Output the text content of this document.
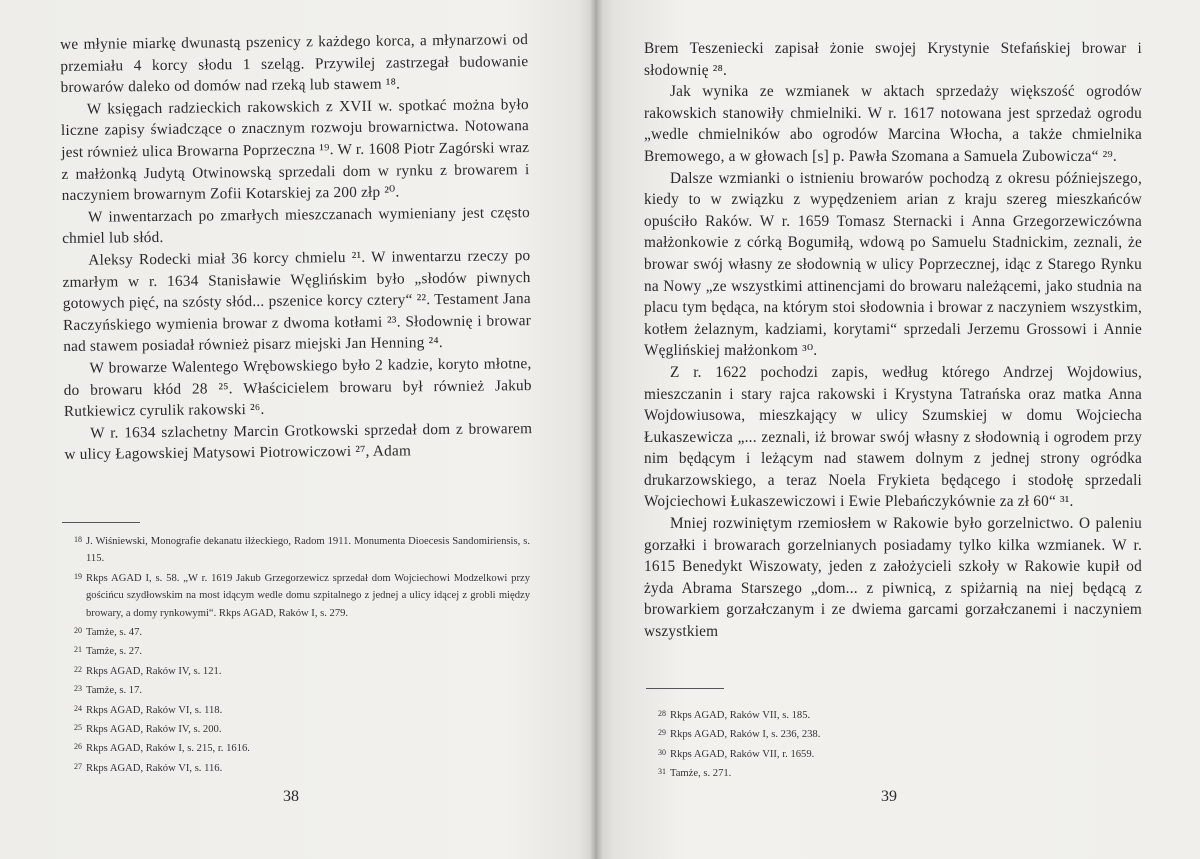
we młynie miarkę dwunastą pszenicy z każdego korca, a młynarzowi od przemiału 4 korcy słodu 1 szeląg. Przywilej zastrzegał budowanie browarów daleko od domów nad rzeką lub stawem ¹⁸.

W księgach radzieckich rakowskich z XVII w. spotkać można było liczne zapisy świadczące o znacznym rozwoju browarnictwa. Notowana jest również ulica Browarna Poprzeczna ¹⁹. W r. 1608 Piotr Zagórski wraz z małżonką Judytą Otwinowską sprzedali dom w rynku z browarem i naczyniem browarnym Zofii Kotarskiej za 200 złp ²⁰.

W inwentarzach po zmarłych mieszczanach wymieniany jest często chmiel lub słód.

Aleksy Rodecki miał 36 korcy chmielu ²¹. W inwentarzu rzeczy po zmarłym w r. 1634 Stanisławie Węglińskim było „słodów piwnych gotowych pięć, na szósty słód... pszenice korcy cztery“ ²². Testament Jana Raczyńskiego wymienia browar z dwoma kotłami ²³. Słodownię i browar nad stawem posiadał również pisarz miejski Jan Henning ²⁴.

W browarze Walentego Wrębowskiego było 2 kadzie, koryto młotne, do browaru kłód 28 ²⁵. Właścicielem browaru był również Jakub Rutkiewicz cyrulik rakowski ²⁶.

W r. 1634 szlachetny Marcin Grotkowski sprzedał dom z browarem w ulicy Łagowskiej Matysowi Piotrowiczowi ²⁷, Adam

18 J. Wiśniewski, Monografie dekanatu iłżeckiego, Radom 1911. Monumenta Dioecesis Sandomiriensis, s. 115.

19 Rkps AGAD I, s. 58. „W r. 1619 Jakub Grzegorzewicz sprzedał dom Wojciechowi Modzelkowi przy gościńcu szydłowskim na most idącym wedle domu szpitalnego z jednej a ulicy idącej z grobli między browary, a domy rynkowymi“. Rkps AGAD, Raków I, s. 279.

20 Tamże, s. 47.

21 Tamże, s. 27.

22 Rkps AGAD, Raków IV, s. 121.

23 Tamże, s. 17.

24 Rkps AGAD, Raków VI, s. 118.

25 Rkps AGAD, Raków IV, s. 200.

26 Rkps AGAD, Raków I, s. 215, r. 1616.

27 Rkps AGAD, Raków VI, s. 116.

38

Brem Teszeniecki zapisał żonie swojej Krystynie Stefańskiej browar i słodownię ²⁸.

Jak wynika ze wzmianek w aktach sprzedaży większość ogrodów rakowskich stanowiły chmielniki. W r. 1617 notowana jest sprzedaż ogrodu „wedle chmielników abo ogrodów Marcina Włocha, a także chmielnika Bremowego, a w głowach [s] p. Pawła Szomana a Samuela Zubowicza“ ²⁹.

Dalsze wzmianki o istnieniu browarów pochodzą z okresu późniejszego, kiedy to w związku z wypędzeniem arian z kraju szereg mieszkańców opuściło Raków. W r. 1659 Tomasz Sternacki i Anna Grzegorzewiczówna małżonkowie z córką Bogumiłą, wdową po Samuelu Stadnickim, zeznali, że browar swój własny ze słodownią w ulicy Poprzecznej, idąc z Starego Rynku na Nowy „ze wszystkimi attinencjami do browaru należącemi, jako studnia na placu tym będąca, na którym stoi słodownia i browar z naczyniem wszystkim, kotłem żelaznym, kadziami, korytami“ sprzedali Jerzemu Grossowi i Annie Węglińskiej małżonkom ³⁰.

Z r. 1622 pochodzi zapis, według którego Andrzej Wojdowius, mieszczanin i stary rajca rakowski i Krystyna Tatrańska oraz matka Anna Wojdowiusowa, mieszkający w ulicy Szumskiej w domu Wojciecha Łukaszewicza „... zeznali, iż browar swój własny z słodownią i ogrodem przy nim będącym i leżącym nad stawem dolnym z jednej strony ogródka drukarzowskiego, a teraz Noela Frykieta będącego i stodołę sprzedali Wojciechowi Łukaszewiczowi i Ewie Plebańczykównie za zł 60“ ³¹.

Mniej rozwiniętym rzemiosłem w Rakowie było gorzelnictwo. O paleniu gorzałki i browarach gorzelnianych posiadamy tylko kilka wzmianek. W r. 1615 Benedykt Wiszowaty, jeden z założycieli szkoły w Rakowie kupił od żyda Abrama Starszego „dom... z piwnicą, z spiżarnią na niej będącą z browarkiem gorzałczanym i ze dwiema garcami gorzałczanemi i naczyniem wszystkiem

28 Rkps AGAD, Raków VII, s. 185.

29 Rkps AGAD, Raków I, s. 236, 238.

30 Rkps AGAD, Raków VII, r. 1659.

31 Tamże, s. 271.

39
